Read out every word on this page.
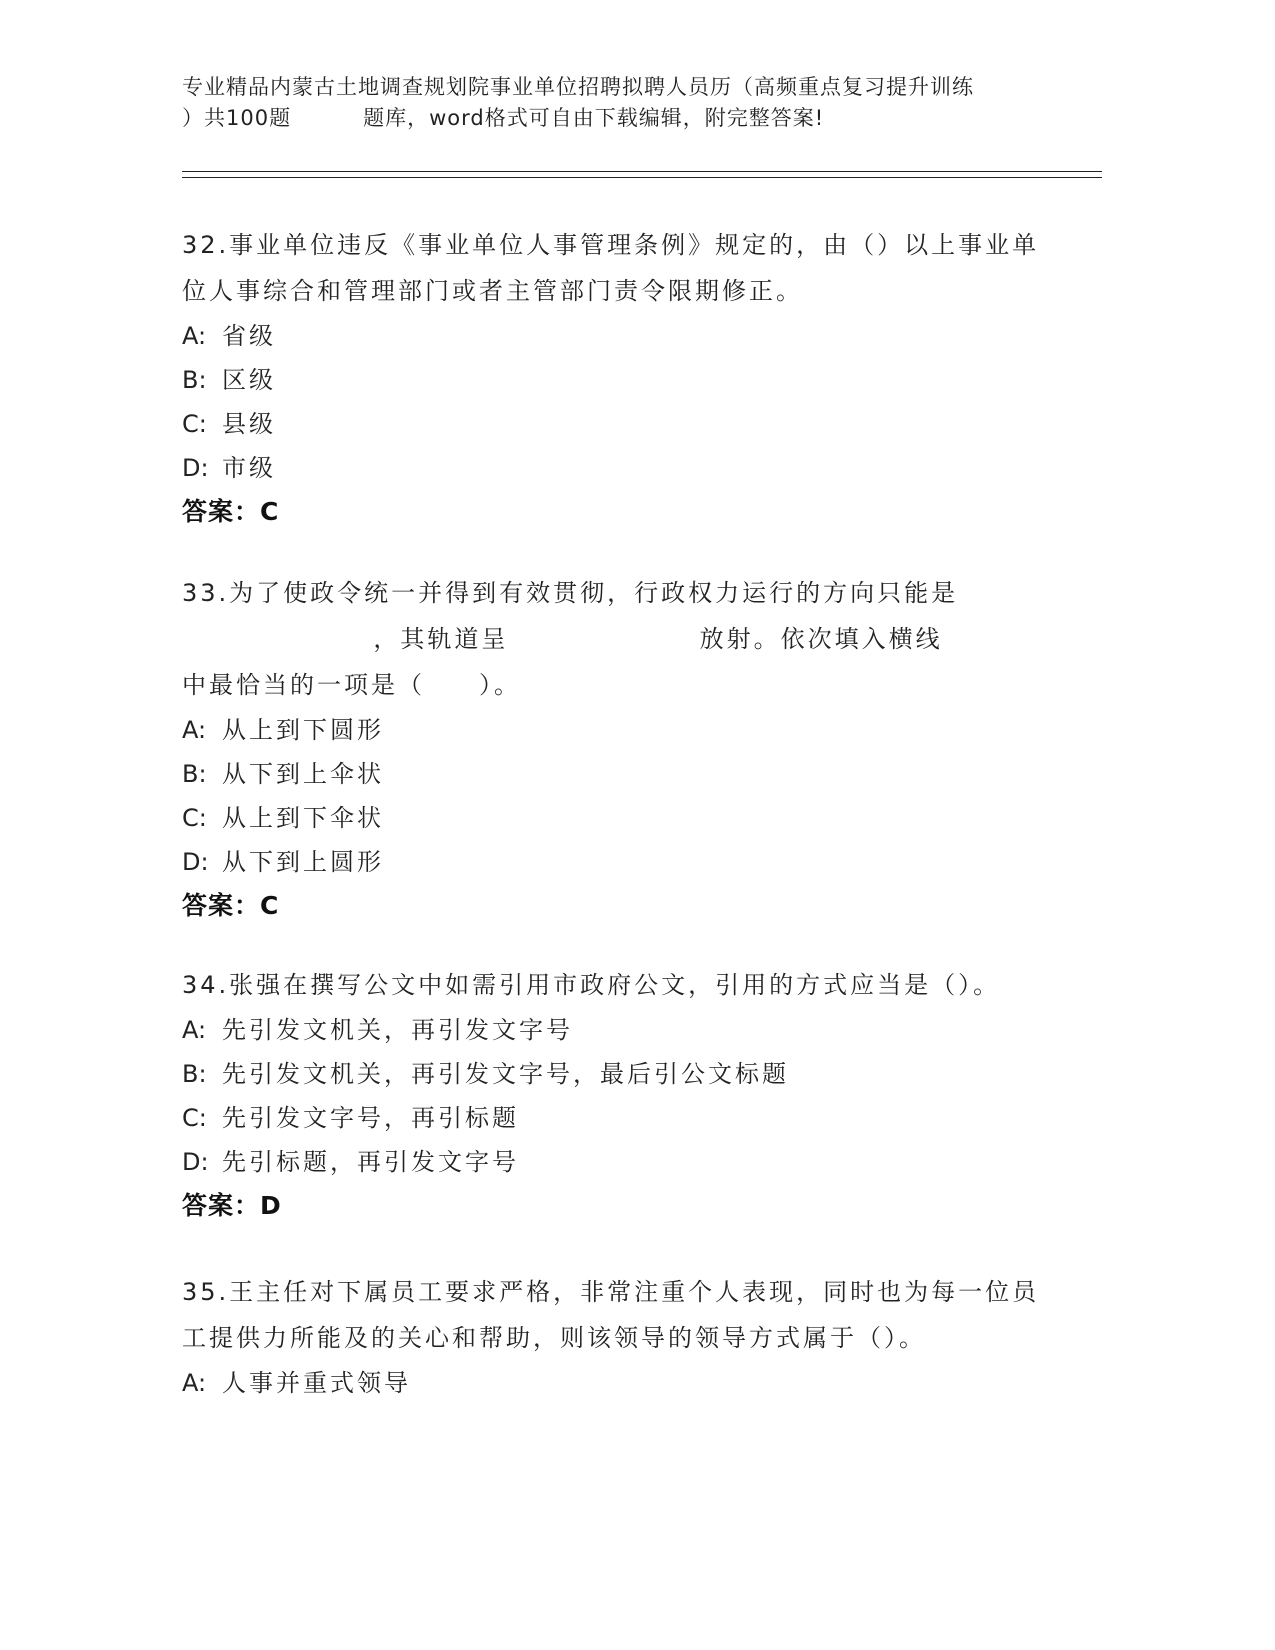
专业精品内蒙古土地调查规划院事业单位招聘拟聘人员历（高频重点复习提升训练
）共100题	题库，word格式可自由下载编辑，附完整答案!

32.事业单位违反《事业单位人事管理条例》规定的，由（）以上事业单位人事综合和管理部门或者主管部门责令限期修正。

A: 省级

B: 区级

C: 县级

D: 市级

答案：C

33.为了使政令统一并得到有效贯彻，行政权力运行的方向只能是

，其轨道呈	放射。依次填入横线

中最恰当的一项是（　　）。

A: 从上到下圆形

B: 从下到上伞状

C: 从上到下伞状

D: 从下到上圆形

答案：C

34.张强在撰写公文中如需引用市政府公文，引用的方式应当是（）。

A: 先引发文机关，再引发文字号

B: 先引发文机关，再引发文字号，最后引公文标题

C: 先引发文字号，再引标题

D: 先引标题，再引发文字号

答案：D

35.王主任对下属员工要求严格，非常注重个人表现，同时也为每一位员工提供力所能及的关心和帮助，则该领导的领导方式属于（）。

A: 人事并重式领导
